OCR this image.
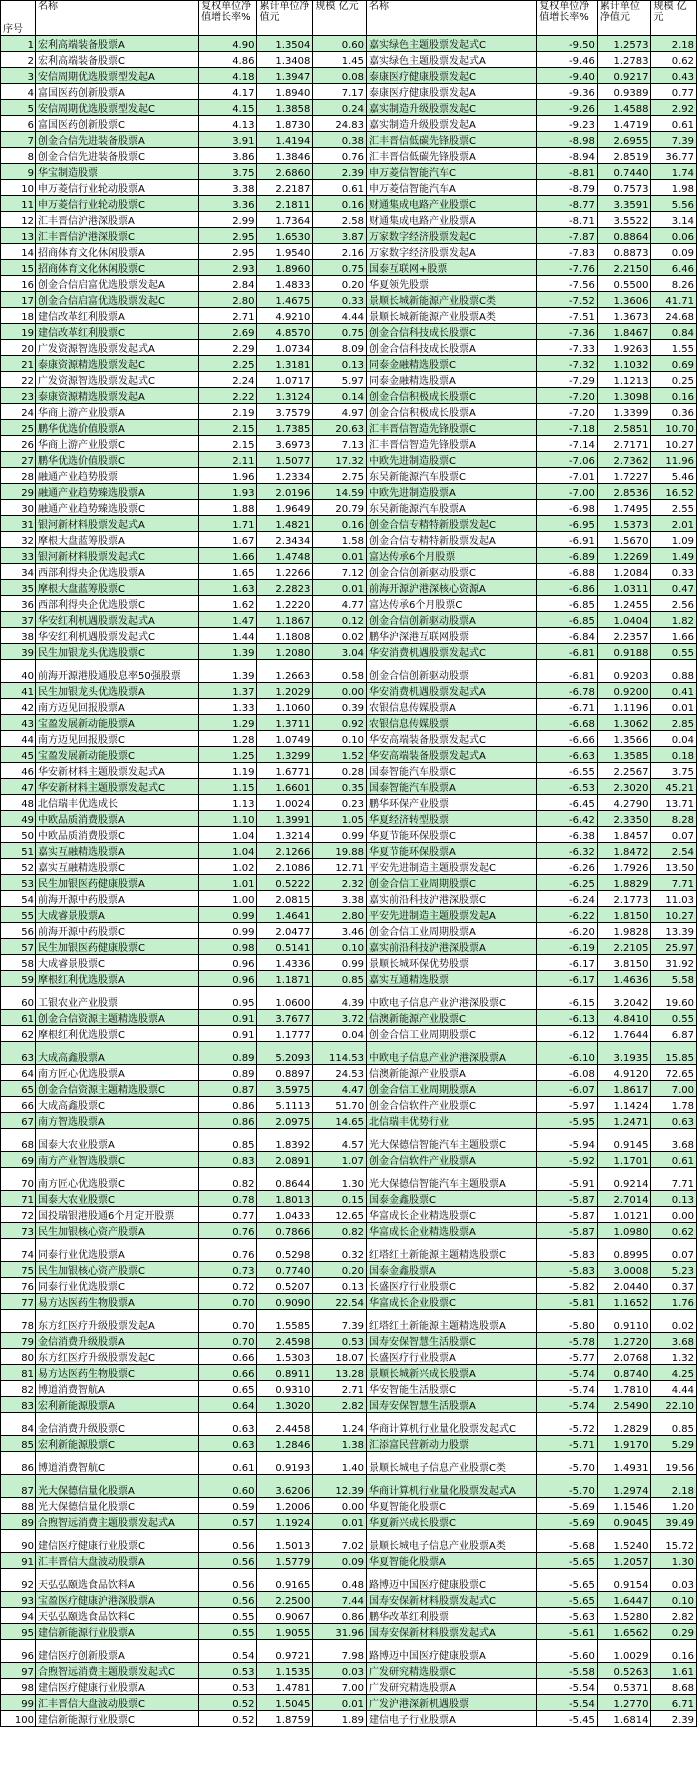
序号	名称	复权单位净值增长率%	累计单位净值元	规模 亿元	名称	复权单位净值增长率%	累计单位净值元	规模 亿元
1	宏利高端装备股票A	4.90	1.3504	0.60	嘉实绿色主题股票发起式C	-9.50	1.2573	2.18
2	宏利高端装备股票C	4.86	1.3408	1.45	嘉实绿色主题股票发起式A	-9.46	1.2783	0.62
3	安信周期优选股票型发起A	4.18	1.3947	0.08	泰康医疗健康股票发起C	-9.40	0.9217	0.43
4	富国医药创新股票A	4.17	1.8940	7.17	泰康医疗健康股票发起A	-9.36	0.9389	0.77
5	安信周期优选股票型发起C	4.15	1.3858	0.24	嘉实制造升级股票发起C	-9.26	1.4588	2.92
6	富国医药创新股票C	4.13	1.8730	24.83	嘉实制造升级股票发起A	-9.23	1.4719	0.61
7	创金合信先进装备股票A	3.91	1.4194	0.38	汇丰晋信低碳先锋股票C	-8.98	2.6955	7.39
8	创金合信先进装备股票C	3.86	1.3846	0.76	汇丰晋信低碳先锋股票A	-8.94	2.8519	36.77
9	华宝制造股票	3.75	2.6860	2.39	申万菱信智能汽车C	-8.81	0.7440	1.74
10	申万菱信行业轮动股票A	3.38	2.2187	0.61	申万菱信智能汽车A	-8.79	0.7573	1.98
11	申万菱信行业轮动股票C	3.36	2.1811	0.16	财通集成电路产业股票C	-8.77	3.3591	5.56
12	汇丰晋信沪港深股票A	2.99	1.7364	2.58	财通集成电路产业股票A	-8.71	3.5522	3.14
13	汇丰晋信沪港深股票C	2.95	1.6530	3.87	万家数字经济股票发起C	-7.87	0.8864	0.06
14	招商体育文化休闲股票A	2.95	1.9540	2.16	万家数字经济股票发起A	-7.83	0.8873	0.09
15	招商体育文化休闲股票C	2.93	1.8960	0.75	国泰互联网+股票	-7.76	2.2150	6.46
16	创金合信启富优选股票发起A	2.84	1.4833	0.20	华夏领先股票	-7.56	0.5500	8.26
17	创金合信启富优选股票发起C	2.80	1.4675	0.33	景顺长城新能源产业股票C类	-7.52	1.3606	41.71
18	建信改革红利股票A	2.71	4.9210	4.44	景顺长城新能源产业股票A类	-7.51	1.3673	24.68
19	建信改革红利股票C	2.69	4.8570	0.75	创金合信科技成长股票C	-7.36	1.8467	0.84
20	广发资源智选股票发起式A	2.29	1.0734	8.09	创金合信科技成长股票A	-7.33	1.9263	1.55
21	泰康资源精选股票发起C	2.25	1.3181	0.13	同泰金融精选股票C	-7.32	1.1032	0.69
22	广发资源智选股票发起式C	2.24	1.0717	5.97	同泰金融精选股票A	-7.29	1.1213	0.25
23	泰康资源精选股票发起A	2.22	1.3124	0.14	创金合信积极成长股票C	-7.20	1.3098	0.16
24	华商上游产业股票A	2.19	3.7579	4.97	创金合信积极成长股票A	-7.20	1.3399	0.36
25	鹏华优选价值股票A	2.15	1.7385	20.63	汇丰晋信智造先锋股票C	-7.18	2.5851	10.70
26	华商上游产业股票C	2.15	3.6973	7.13	汇丰晋信智造先锋股票A	-7.14	2.7171	10.27
27	鹏华优选价值股票C	2.11	1.5077	17.32	中欧先进制造股票C	-7.06	2.7362	11.96
28	融通产业趋势股票	1.96	1.2334	2.75	东吴新能源汽车股票C	-7.01	1.7227	5.46
29	融通产业趋势臻选股票A	1.93	2.0196	14.59	中欧先进制造股票A	-7.00	2.8536	16.52
30	融通产业趋势臻选股票C	1.88	1.9649	20.79	东吴新能源汽车股票A	-6.98	1.7495	2.55
31	银河新材料股票发起式A	1.71	1.4821	0.16	创金合信专精特新股票发起C	-6.95	1.5373	2.01
32	摩根大盘蓝筹股票A	1.67	2.3434	1.58	创金合信专精特新股票发起A	-6.91	1.5670	1.09
33	银河新材料股票发起式C	1.66	1.4748	0.01	富达传承6个月股票	-6.89	1.2269	1.49
34	西部利得央企优选股票A	1.65	1.2266	7.12	创金合信创新驱动股票C	-6.88	1.2084	0.33
35	摩根大盘蓝筹股票C	1.63	2.2823	0.01	前海开源沪港深核心资源A	-6.86	1.0311	0.47
36	西部利得央企优选股票C	1.62	1.2220	4.77	富达传承6个月股票C	-6.85	1.2455	2.56
37	华安红利机遇股票发起式A	1.47	1.1867	0.12	创金合信创新驱动股票A	-6.85	1.0404	1.82
38	华安红利机遇股票发起式C	1.44	1.1808	0.02	鹏华沪深港互联网股票	-6.84	2.2357	1.66
39	民生加银龙头优选股票C	1.39	1.2080	3.04	华安消费机遇股票发起式C	-6.81	0.9188	0.55
40	前海开源港股通股息率50强股票	1.39	1.2663	0.58	创金合信创新驱动股票	-6.81	0.9203	0.88
41	民生加银龙头优选股票A	1.37	1.2029	0.00	华安消费机遇股票发起式A	-6.78	0.9200	0.41
42	南方迈见回报股票A	1.33	1.1060	0.39	农银信息传媒股票A	-6.71	1.1196	0.01
43	宝盈发展新动能股票A	1.29	1.3711	0.92	农银信息传媒股票	-6.68	1.3062	2.85
44	南方迈见回报股票C	1.28	1.0749	0.10	华安高端装备股票发起式C	-6.66	1.3566	0.04
45	宝盈发展新动能股票C	1.25	1.3299	1.52	华安高端装备股票发起式A	-6.63	1.3585	0.18
46	华安新材料主题股票发起式A	1.19	1.6771	0.28	国泰智能汽车股票C	-6.55	2.2567	3.75
47	华安新材料主题股票发起式C	1.15	1.6601	0.35	国泰智能汽车股票A	-6.53	2.3020	45.21
48	北信瑞丰优选成长	1.13	1.0024	0.23	鹏华环保产业股票	-6.45	4.2790	13.71
49	中欧品质消费股票A	1.10	1.3991	1.05	华夏经济转型股票	-6.42	2.3350	8.28
50	中欧品质消费股票C	1.04	1.3214	0.99	华夏节能环保股票C	-6.38	1.8457	0.07
51	嘉实互融精选股票A	1.04	2.1266	19.88	华夏节能环保股票A	-6.32	1.8472	2.54
52	嘉实互融精选股票C	1.02	2.1086	12.71	平安先进制造主题股票发起C	-6.26	1.7926	13.50
53	民生加银医药健康股票A	1.01	0.5222	2.32	创金合信工业周期股票C	-6.25	1.8829	7.71
54	前海开源中药股票A	1.00	2.0815	3.38	嘉实前沿科技沪港深股票C	-6.24	2.1773	11.03
55	大成睿景股票A	0.99	1.4641	2.80	平安先进制造主题股票发起A	-6.22	1.8150	10.27
56	前海开源中药股票C	0.99	2.0477	3.46	创金合信工业周期股票A	-6.20	1.9828	13.39
57	民生加银医药健康股票C	0.98	0.5141	0.10	嘉实前沿科技沪港深股票A	-6.19	2.2105	25.97
58	大成睿景股票C	0.96	1.4336	0.99	景顺长城环保优势股票	-6.17	3.8150	31.92
59	摩根红利优选股票A	0.96	1.1871	0.85	嘉实互通精选股票	-6.17	1.4636	5.58
60	工银农业产业股票	0.95	1.0600	4.39	中欧电子信息产业沪港深股票C	-6.15	3.2042	19.60
61	创金合信资源主题精选股票A	0.91	3.7677	3.72	信澳新能源产业股票C	-6.13	4.8410	0.55
62	摩根红利优选股票C	0.91	1.1777	0.04	创金合信工业周期股票C	-6.12	1.7644	6.87
63	大成高鑫股票A	0.89	5.2093	114.53	中欧电子信息产业沪港深股票A	-6.10	3.1935	15.85
64	南方匠心优选股票A	0.89	0.8897	24.53	信澳新能源产业股票A	-6.08	4.9120	72.65
65	创金合信资源主题精选股票C	0.87	3.5975	4.47	创金合信工业周期股票A	-6.07	1.8617	7.00
66	大成高鑫股票C	0.86	5.1113	51.70	创金合信软件产业股票C	-5.97	1.1424	1.78
67	南方智选股票A	0.86	2.0975	14.65	北信瑞丰优势行业	-5.95	1.2471	0.63
68	国泰大农业股票A	0.85	1.8392	4.57	光大保德信智能汽车主题股票C	-5.94	0.9145	3.68
69	南方产业智选股票C	0.83	2.0891	1.07	创金合信软件产业股票A	-5.92	1.1701	0.61
70	南方匠心优选股票C	0.82	0.8644	1.30	光大保德信智能汽车主题股票A	-5.91	0.9214	7.71
71	国泰大农业股票C	0.78	1.8013	0.15	国泰金鑫股票C	-5.87	2.7014	0.13
72	国投瑞银港股通6个月定开股票	0.77	1.0433	12.65	华富成长企业精选股票C	-5.87	1.0121	0.00
73	民生加银核心资产股票A	0.76	0.7866	0.82	华富成长企业精选股票A	-5.87	1.0980	0.62
74	同泰行业优选股票A	0.76	0.5298	0.32	红塔红土新能源主题精选股票C	-5.83	0.8995	0.07
75	民生加银核心资产股票C	0.73	0.7740	0.20	国泰金鑫股票A	-5.83	3.0008	5.23
76	同泰行业优选股票C	0.72	0.5207	0.13	长盛医疗行业股票C	-5.82	2.0440	0.37
77	易方达医药生物股票A	0.70	0.9090	22.54	华富成长企业股票C	-5.81	1.1652	1.76
78	东方红医疗升级股票发起A	0.70	1.5585	7.39	红塔红土新能源主题精选股票A	-5.80	0.9110	0.02
79	金信消费升级股票A	0.70	2.4598	0.53	国寿安保智慧生活股票C	-5.78	1.2720	3.68
80	东方红医疗升级股票发起C	0.66	1.5303	18.07	长盛医疗行业股票A	-5.77	2.0768	1.32
81	易方达医药生物股票C	0.66	0.8911	13.28	景顺长城新兴成长股票A	-5.74	0.8740	4.25
82	博道消费智航A	0.65	0.9310	2.71	华安智能生活股票C	-5.74	1.7810	4.44
83	宏利新能源股票A	0.64	1.3020	2.82	国寿安保智慧生活股票A	-5.74	2.5490	22.10
84	金信消费升级股票C	0.63	2.4458	1.24	华商计算机行业量化股票发起式C	-5.72	1.2829	0.85
85	宏利新能源股票C	0.63	1.2846	1.38	汇添富民营新动力股票	-5.71	1.9170	5.29
86	博道消费智航C	0.61	0.9193	1.40	景顺长城电子信息产业股票C类	-5.70	1.4931	19.56
87	光大保德信量化股票A	0.60	3.6206	12.39	华商计算机行业量化股票发起式A	-5.70	1.2974	2.18
88	光大保德信量化股票C	0.59	1.2006	0.00	华夏智能化股票C	-5.69	1.1546	1.20
89	合煦智远消费主题股票发起式A	0.57	1.1924	0.01	华夏新兴成长股票C	-5.69	0.9045	39.49
90	建信医疗健康行业股票C	0.56	1.5013	7.02	景顺长城电子信息产业股票A类	-5.68	1.5240	15.72
91	汇丰晋信大盘波动股票A	0.56	1.5779	0.09	华夏智能化股票A	-5.65	1.2057	1.30
92	天弘弘颐选食品饮料A	0.56	0.9165	0.48	路博迈中国医疗健康股票C	-5.65	0.9154	0.03
93	宝盈医疗健康沪港深股票A	0.56	2.2500	7.44	国寿安保新材料股票发起式C	-5.65	1.6447	0.10
94	天弘弘颐选食品饮料C	0.55	0.9067	0.86	鹏华改革红利股票	-5.63	1.5280	2.82
95	建信新能源行业股票A	0.55	1.9055	31.96	国寿安保新材料股票发起式A	-5.61	1.6562	0.29
96	建信医疗创新股票A	0.54	0.9721	7.98	路博迈中国医疗健康股票A	-5.60	1.0029	0.16
97	合煦智远消费主题股票发起式C	0.53	1.1535	0.03	广发研究精选股票C	-5.58	0.5263	1.61
98	建信医疗健康行业股票A	0.53	1.4781	7.00	广发研究精选股票A	-5.54	0.5371	8.68
99	汇丰晋信大盘波动股票C	0.52	1.5045	0.01	广发沪港深新机遇股票	-5.54	1.2770	6.71
100	建信新能源行业股票C	0.52	1.8759	1.89	建信电子行业股票A	-5.45	1.6814	2.39
